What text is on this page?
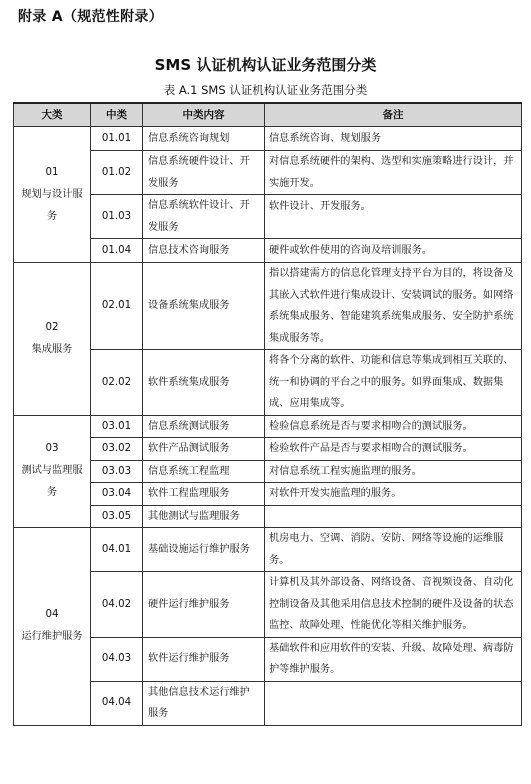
附录 A（规范性附录）
SMS 认证机构认证业务范围分类
表 A.1 SMS 认证机构认证业务范围分类
大类	中类	中类内容	备注

01
规划与设计服务	01.01	信息系统咨询规划	信息系统咨询、规划服务
	01.02	信息系统硬件设计、开发服务	对信息系统硬件的架构、选型和实施策略进行设计，并实施开发。
	01.03	信息系统软件设计、开发服务	软件设计、开发服务。
	01.04	信息技术咨询服务	硬件或软件使用的咨询及培训服务。

02
集成服务	02.01	设备系统集成服务	指以搭建需方的信息化管理支持平台为目的，将设备及其嵌入式软件进行集成设计、安装调试的服务。如网络系统集成服务、智能建筑系统集成服务、安全防护系统集成服务等。
	02.02	软件系统集成服务	将各个分离的软件、功能和信息等集成到相互关联的、统一和协调的平台之中的服务。如界面集成、数据集成、应用集成等。

03
测试与监理服务	03.01	信息系统测试服务	检验信息系统是否与要求相吻合的测试服务。
	03.02	软件产品测试服务	检验软件产品是否与要求相吻合的测试服务。
	03.03	信息系统工程监理	对信息系统工程实施监理的服务。
	03.04	软件工程监理服务	对软件开发实施监理的服务。
	03.05	其他测试与监理服务	

04
运行维护服务	04.01	基础设施运行维护服务	机房电力、空调、消防、安防、网络等设施的运维服务。
	04.02	硬件运行维护服务	计算机及其外部设备、网络设备、音视频设备、自动化控制设备及其他采用信息技术控制的硬件及设备的状态监控、故障处理、性能优化等相关维护服务。
	04.03	软件运行维护服务	基础软件和应用软件的安装、升级、故障处理、病毒防护等维护服务。
	04.04	其他信息技术运行维护服务	
